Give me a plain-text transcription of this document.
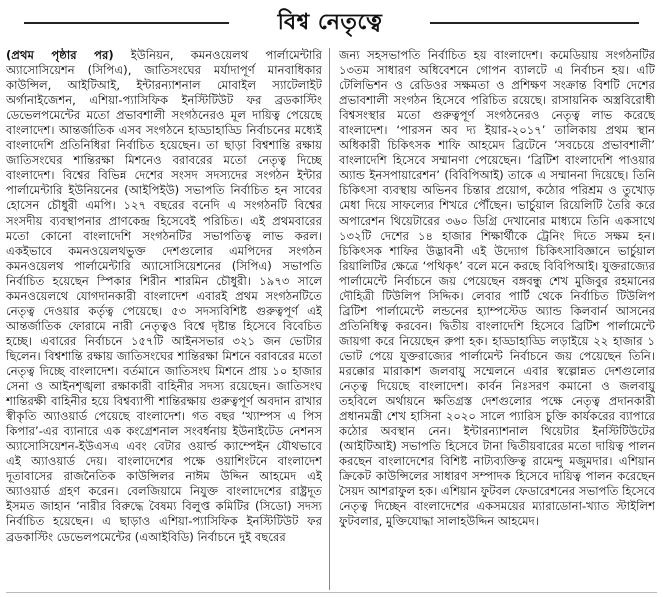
বিশ্ব নেতৃত্বে

(প্রথম পৃষ্ঠার পর) ইউনিয়ন, কমনওয়েলথ পার্লামেন্টারি অ্যাসোসিয়েশন (সিপিএ), জাতিসংঘের মর্যাদাপূর্ণ মানবাধিকার কাউন্সিল, আইটিআই, ইন্টারন্যাশনাল মোবাইল স্যাটেলাইট অর্গানাইজেশন, এশিয়া-প্যাসিফিক ইনস্টিটিউট ফর ব্রডকাস্টিং ডেভেলপমেন্টের মতো প্রভাবশালী সংগঠনেরও মূল দায়িত্ব পেয়েছে বাংলাদেশ। আন্তর্জাতিক এসব সংগঠনে হাড্ডাহাড্ডি নির্বাচনের মধ্যেই বাংলাদেশি প্রতিনিধিরা নির্বাচিত হয়েছেন। তা ছাড়া বিশ্বশান্তি রক্ষায় জাতিসংঘের শান্তিরক্ষা মিশনেও বরাবরের মতো নেতৃত্ব দিচ্ছে বাংলাদেশ। বিশ্বের বিভিন্ন দেশের সংসদ সদস্যদের সংগঠন ইন্টার পার্লামেন্টারি ইউনিয়নের (আইপিইউ) সভাপতি নির্বাচিত হন সাবের হোসেন চৌধুরী এমপি। ১২৭ বছরের বনেদি এ সংগঠনটি বিশ্বের সংসদীয় ব্যবস্থাপনার প্রাণকেন্দ্র হিসেবেই পরিচিত। এই প্রথমবারের মতো কোনো বাংলাদেশি সংগঠনটির সভাপতিত্ব লাভ করল। একইভাবে কমনওয়েলথভুক্ত দেশগুলোর এমপিদের সংগঠন কমনওয়েলথ পার্লামেন্টারি অ্যাসোসিয়েশনের (সিপিএ) সভাপতি নির্বাচিত হয়েছেন স্পিকার শিরীন শারমিন চৌধুরী। ১৯৭৩ সালে কমনওয়েলথে যোগদানকারী বাংলাদেশ এবারই প্রথম সংগঠনটিতে নেতৃত্ব দেওয়ার কর্তৃত্ব পেয়েছে। ৫৩ সদস্যবিশিষ্ট গুরুত্বপূর্ণ এই আন্তর্জাতিক ফোরামে নারী নেতৃত্বও বিশ্বে দৃষ্টান্ত হিসেবে বিবেচিত হচ্ছে। এবারের নির্বাচনে ১৫৭টি আইনসভার ৩২১ জন ভোটার ছিলেন। বিশ্বশান্তি রক্ষায় জাতিসংঘের শান্তিরক্ষা মিশনে বরাবরের মতো নেতৃত্ব দিচ্ছে বাংলাদেশ। বর্তমানে জাতিসংঘ মিশনে প্রায় ১০ হাজার সেনা ও আইনশৃঙ্খলা রক্ষাকারী বাহিনীর সদস্য রয়েছেন। জাতিসংঘ শান্তিরক্ষী বাহিনীর হয়ে বিশ্বব্যাপী শান্তিরক্ষায় গুরুত্বপূর্ণ অবদান রাখার স্বীকৃতি অ্যাওয়ার্ড পেয়েছে বাংলাদেশ। গত বছর ‘খ্যাম্পস এ পিস কিপার’-এর ব্যানারে এক কংগ্রেশনাল সংবর্ধনায় ইউনাইটেড নেশনস অ্যাসোসিয়েশন-ইউএসএ এবং বেটার ওয়ার্ল্ড ক্যাম্পেইন যৌথভাবে এই অ্যাওয়ার্ড দেয়। বাংলাদেশের পক্ষে ওয়াশিংটনে বাংলাদেশ দূতাবাসের রাজনৈতিক কাউন্সিলর নাঈম উদ্দিন আহমেদ এই অ্যাওয়ার্ড গ্রহণ করেন। বেলজিয়ামে নিযুক্ত বাংলাদেশের রাষ্ট্রদূত ইসমত জাহান ‘নারীর বিরুদ্ধে বৈষম্য বিলুপ্ত কমিটির (সিডো) সদস্য নির্বাচিত হয়েছেন। এ ছাড়াও এশিয়া-প্যাসিফিক ইনস্টিটিউট ফর ব্রডকাস্টিং ডেভেলপমেন্টের (এআইবিডি) নির্বাচনে দুই বছরের

জন্য সহসভাপতি নির্বাচিত হয় বাংলাদেশ। কমেডিয়ায় সংগঠনটির ১৩তম সাধারণ অধিবেশনে গোপন ব্যালটে এ নির্বাচন হয়। এটি টেলিভিশন ও রেডিওর সক্ষমতা ও প্রশিক্ষণ সংক্রান্ত বিশটি দেশের প্রভাবশালী সংগঠন হিসেবে পরিচিত রয়েছে। রাসায়নিক অস্ত্রবিরোধী বিশ্বসংস্থার মতো গুরুত্বপূর্ণ সংগঠনেরও নেতৃত্ব লাভ করেছে বাংলাদেশ। ‘পারসন অব দ্য ইয়ার-২০১৭’ তালিকায় প্রথম স্থান অধিকারী চিকিৎসক শাফি আহমেদ ব্রিটেনে ‘সবচেয়ে প্রভাবশালী’ বাংলাদেশি হিসেবে সম্মানণা পেয়েছেন। ‘ব্রিটিশ বাংলাদেশি পাওয়ার অ্যান্ড ইনসপায়ারেশন’ (বিবিপিআই) তাকে এ সম্মাননা দিয়েছে। তিনি চিকিৎসা ব্যবস্থায় অভিনব চিন্তার প্রয়োগ, কঠোর পরিশ্রম ও তুখোড় মেধা দিয়ে সাফল্যের শিখরে পৌঁছেন। ভার্চুয়াল রিয়েলিটি তৈরি করে অপারেশন থিয়েটারের ৩৬০ ডিগ্রি দেখানোর মাধ্যমে তিনি একসাথে ১৩২টি দেশের ১৪ হাজার শিক্ষার্থীকে ট্রেনিং দিতে সক্ষম হন। চিকিৎসক শাফির উদ্ভাবনী এই উদ্যোগ চিকিৎসাবিজ্ঞানে ভার্চুয়াল রিয়ালিটির ক্ষেত্রে ‘পথিকৃৎ’ বলে মনে করছে বিবিপিআই। যুক্তরাজ্যের পার্লামেন্টে নির্বাচনে জয় পেয়েছেন বঙ্গবন্ধু শেখ মুজিবুর রহমানের দৌহিত্রী টিউলিপ সিদ্দিক। লেবার পার্টি থেকে নির্বাচিত টিউলিপ ব্রিটিশ পার্লামেন্টে লন্ডনের হ্যাম্পস্টেড অ্যান্ড কিলবার্ন আসনের প্রতিনিধিত্ব করবেন। দ্বিতীয় বাংলাদেশি হিসেবে ব্রিটিশ পার্লামেন্টে জায়গা করে নিয়েছেন রুপা হক। হাড্ডাহাড্ডি লড়াইয়ে ২২ হাজার ১ ভোট পেয়ে যুক্তরাজ্যের পার্লামেন্ট নির্বাচনে জয় পেয়েছেন তিনি। মরক্কোর মারাকাশ জলবায়ু সম্মেলনে এবার স্বল্পোন্নত দেশগুলোর নেতৃত্ব দিয়েছে বাংলাদেশ। কার্বন নিঃসরণ কমানো ও জলবায়ু তহবিলে অর্থায়নে ক্ষতিগ্রস্ত দেশগুলোর পক্ষে নেতৃত্ব প্রদানকারী প্রধানমন্ত্রী শেখ হাসিনা ২০২০ সালে প্যারিস চুক্তি কার্যকরের ব্যাপারে কঠোর অবস্থান নেন। ইন্টারন্যাশনাল থিয়েটার ইনস্টিটিউটের (আইটিআই) সভাপতি হিসেবে টানা দ্বিতীয়বারের মতো দায়িত্ব পালন করছেন বাংলাদেশের বিশিষ্ট নাট্যব্যক্তিত্ব রামেন্দু মজুমদার। এশিয়ান ক্রিকেট কাউন্সিলের সাধারণ সম্পাদক হিসেবে দায়িত্ব পালন করেছেন সৈয়দ আশরাফুল হক। এশিয়ান ফুটবল ফেডারেশনের সভাপতি হিসেবে নেতৃত্ব দিচ্ছেন বাংলাদেশের একসময়ের ম্যারাডোনা-খ্যাত স্টাইলিশ ফুটবলার, মুক্তিযোদ্ধা সালাহউদ্দিন আহমেদ।
